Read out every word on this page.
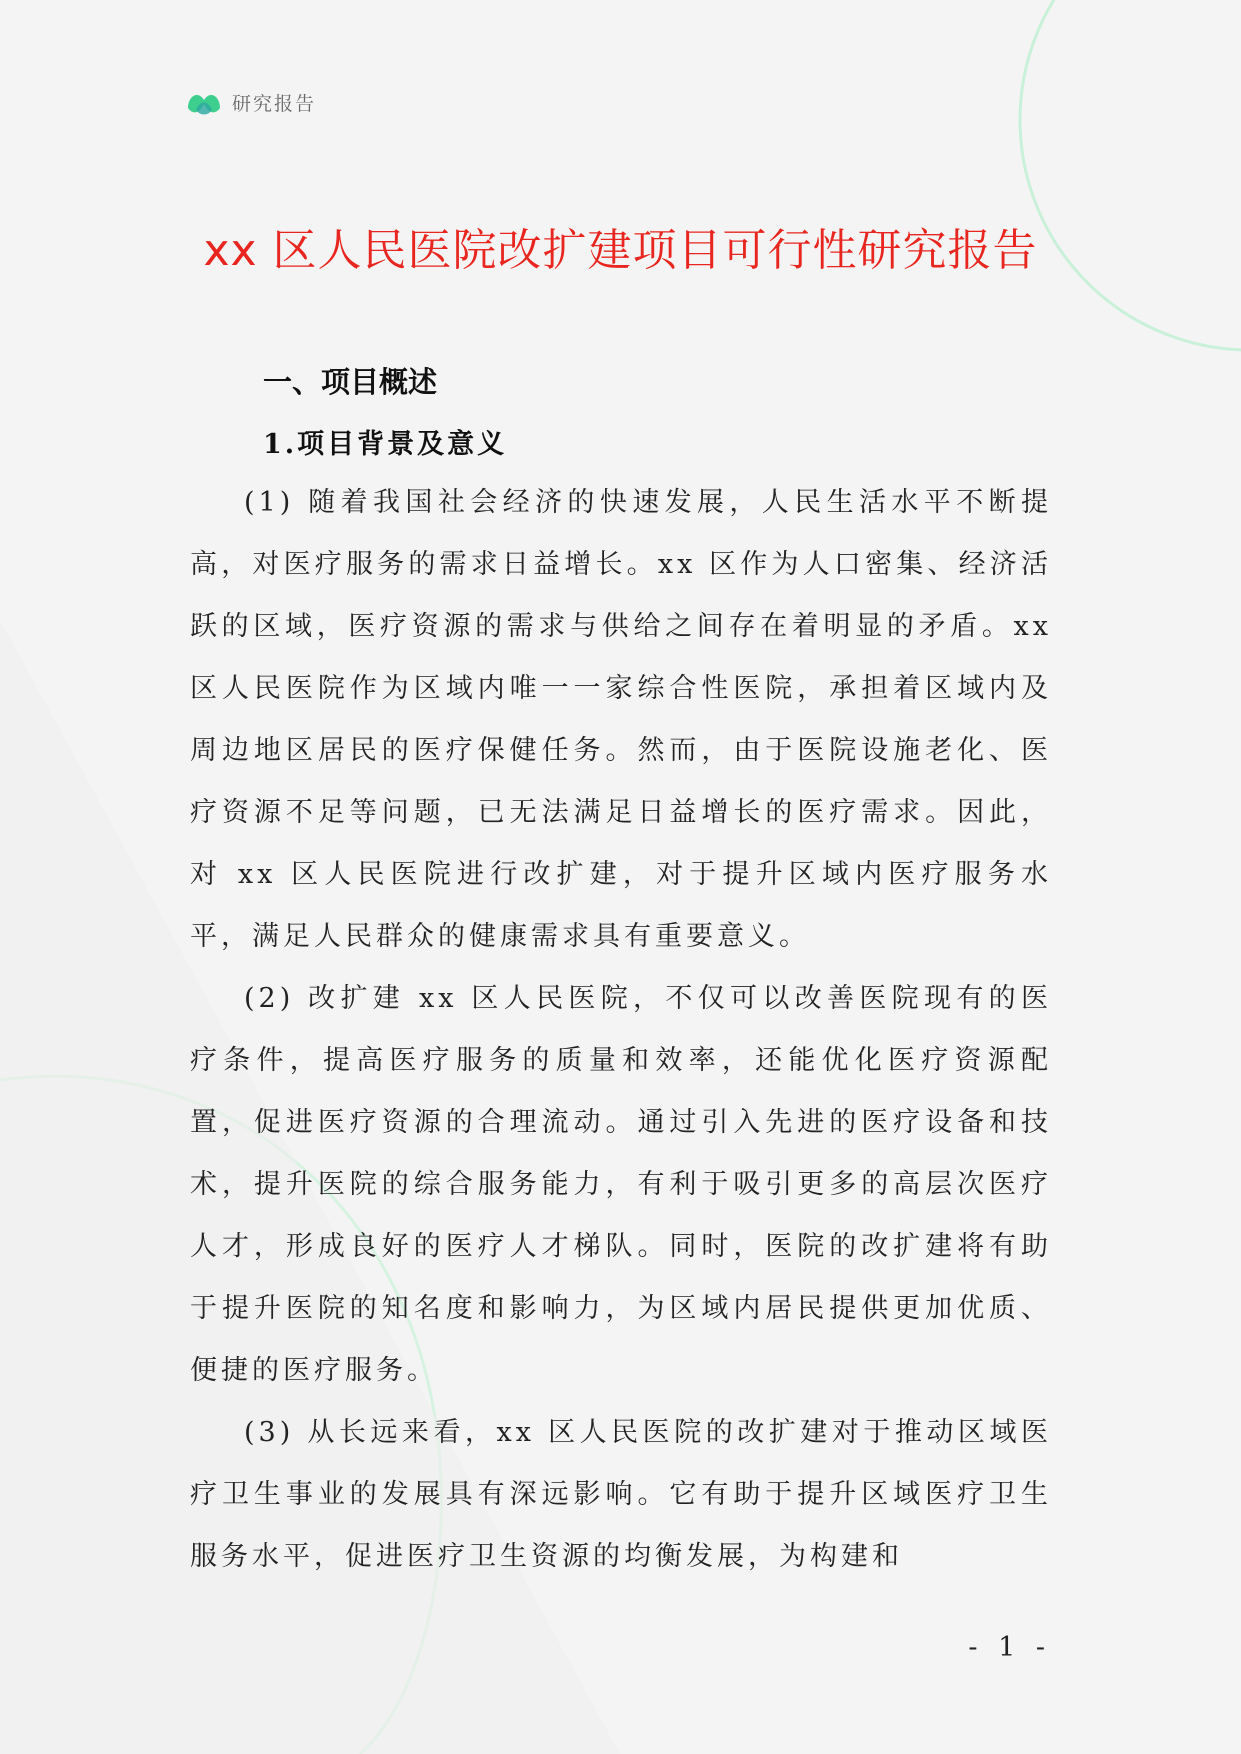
研究报告
xx 区人民医院改扩建项目可行性研究报告
一、项目概述
1.项目背景及意义

(1) 随着我国社会经济的快速发展，人民生活水平不断提高，对医疗服务的需求日益增长。xx 区作为人口密集、经济活跃的区域，医疗资源的需求与供给之间存在着明显的矛盾。xx 区人民医院作为区域内唯一一家综合性医院，承担着区域内及周边地区居民的医疗保健任务。然而，由于医院设施老化、医疗资源不足等问题，已无法满足日益增长的医疗需求。因此，对 xx 区人民医院进行改扩建，对于提升区域内医疗服务水平，满足人民群众的健康需求具有重要意义。

(2) 改扩建 xx 区人民医院，不仅可以改善医院现有的医疗条件，提高医疗服务的质量和效率，还能优化医疗资源配置，促进医疗资源的合理流动。通过引入先进的医疗设备和技术，提升医院的综合服务能力，有利于吸引更多的高层次医疗人才，形成良好的医疗人才梯队。同时，医院的改扩建将有助于提升医院的知名度和影响力，为区域内居民提供更加优质、便捷的医疗服务。

(3) 从长远来看，xx 区人民医院的改扩建对于推动区域医疗卫生事业的发展具有深远影响。它有助于提升区域医疗卫生服务水平，促进医疗卫生资源的均衡发展，为构建和

- 1 -
